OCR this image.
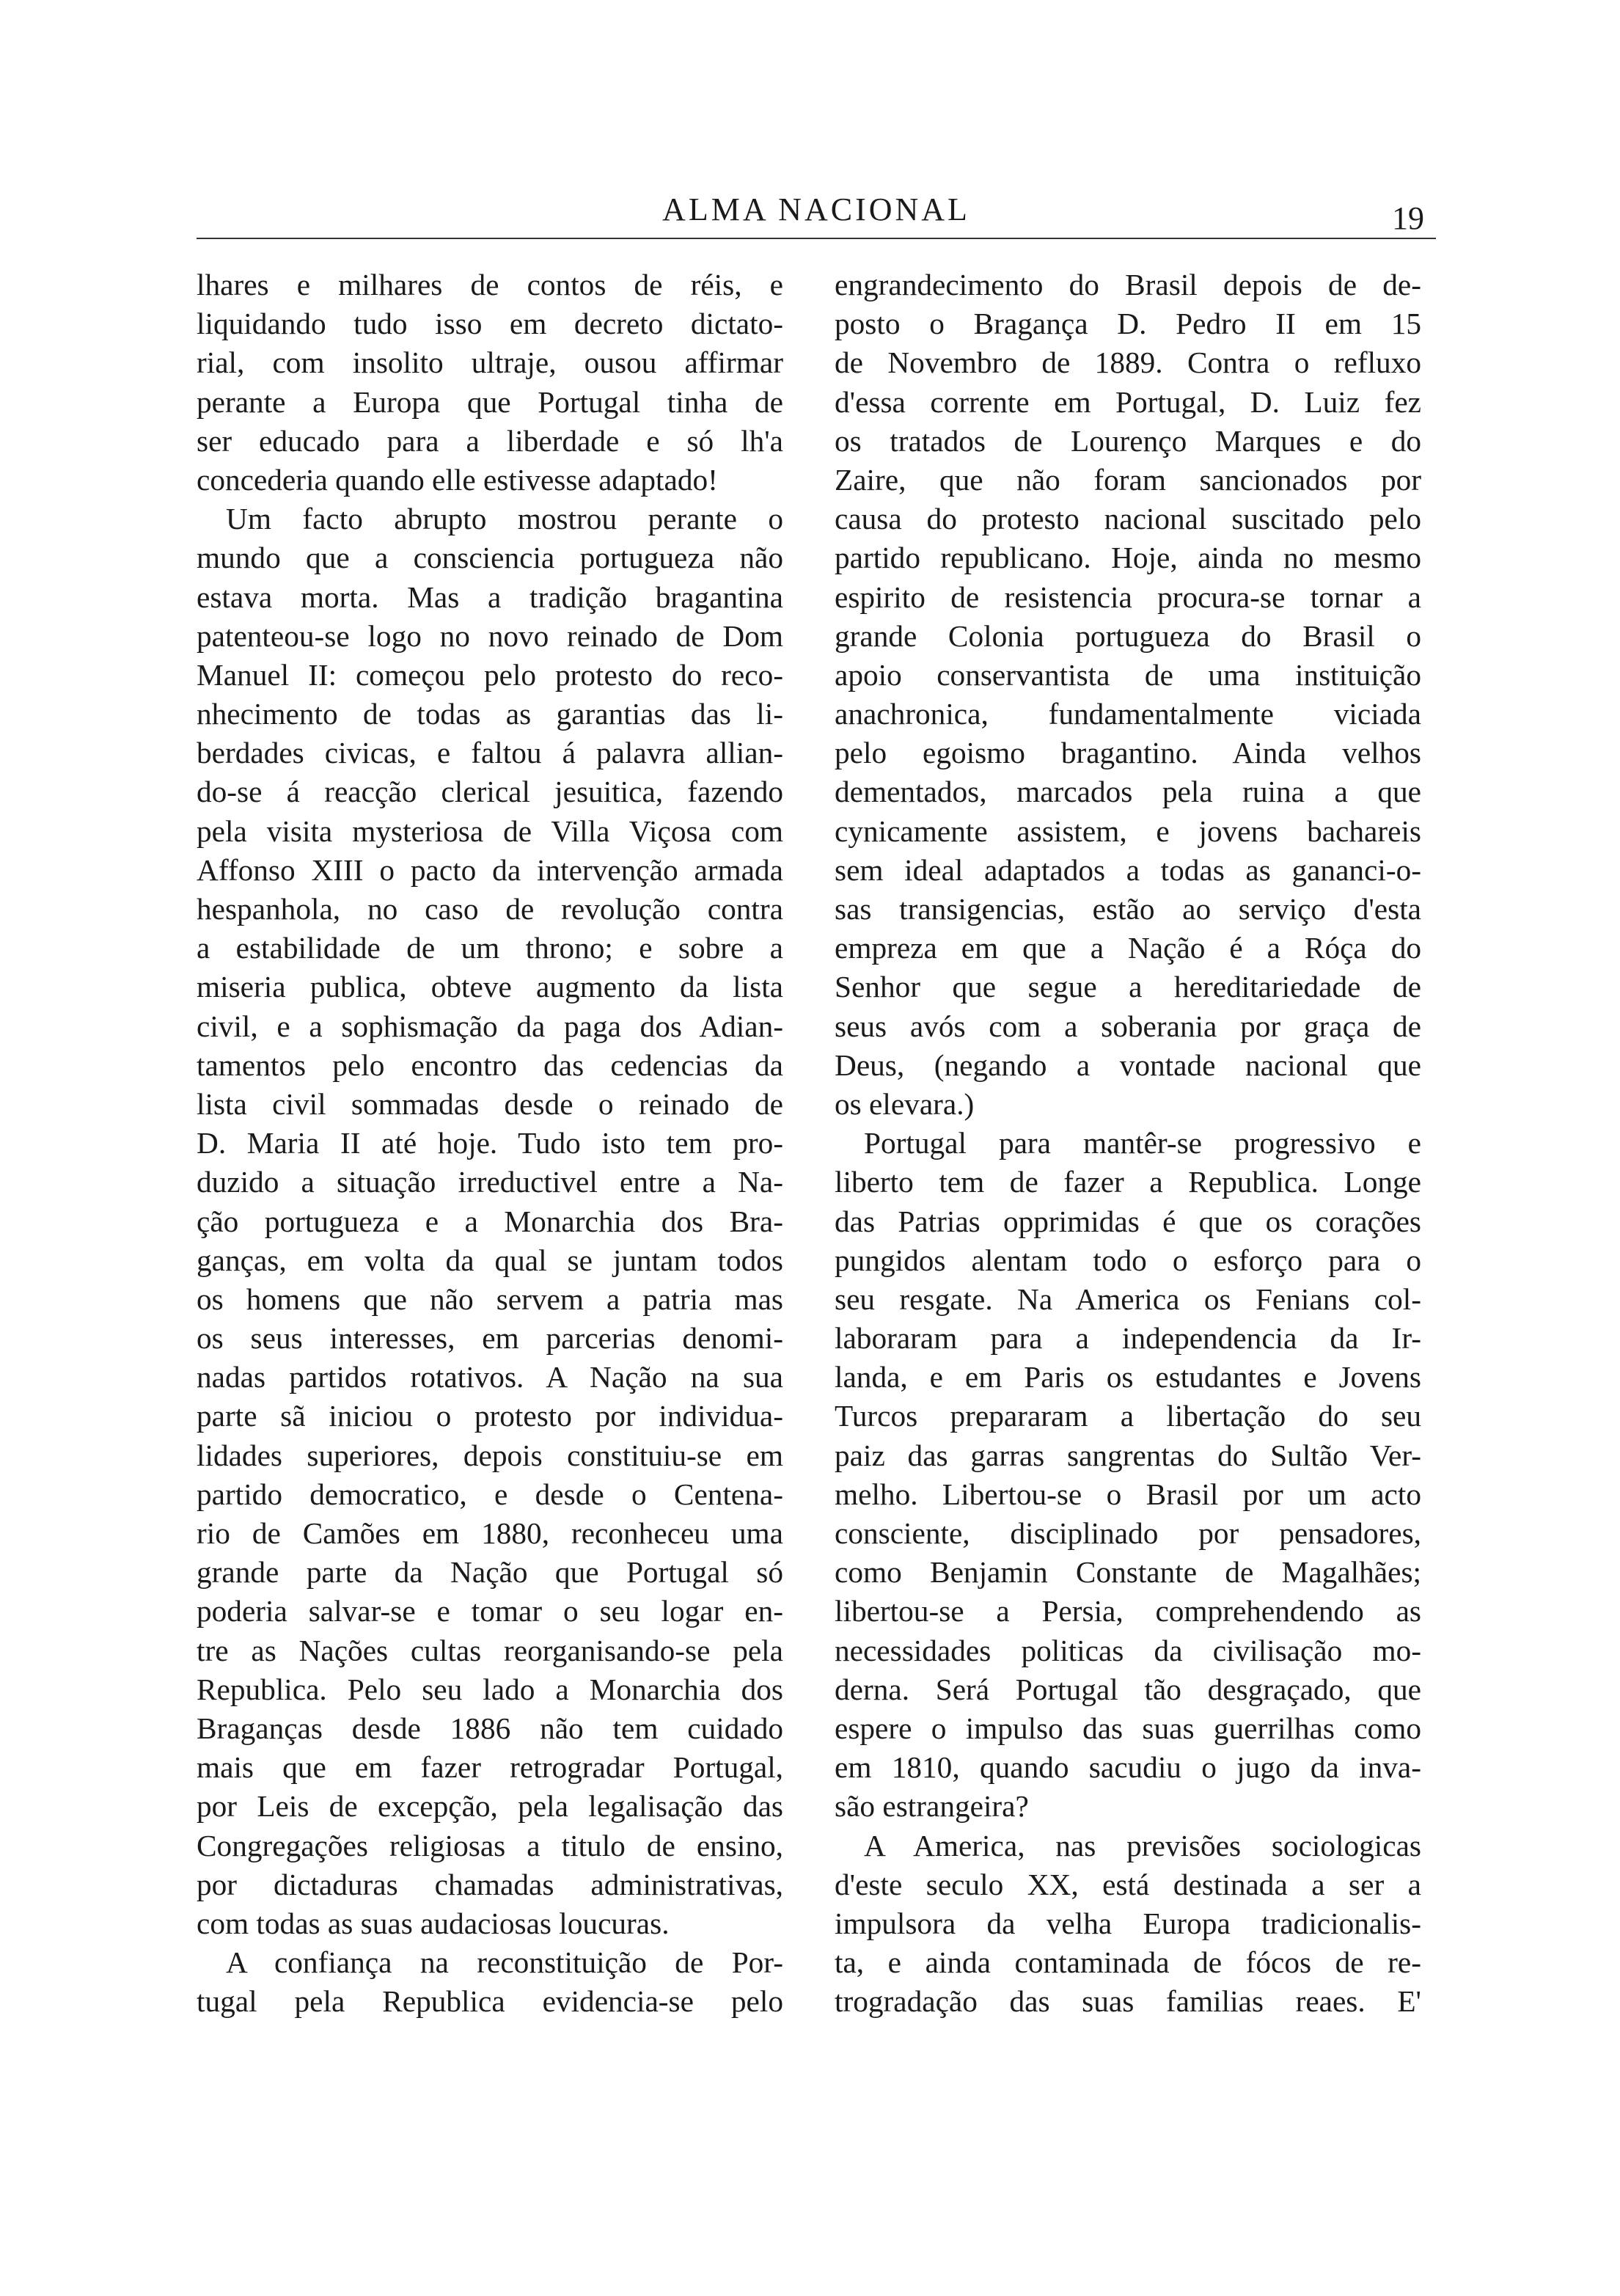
ALMA NACIONAL	19
lhares e milhares de contos de réis, e
liquidando tudo isso em decreto dictato-
rial, com insolito ultraje, ousou affirmar
perante a Europa que Portugal tinha de
ser educado para a liberdade e só lh'a
concederia quando elle estivesse adaptado!
Um facto abrupto mostrou perante o
mundo que a consciencia portugueza não
estava morta. Mas a tradição bragantina
patenteou-se logo no novo reinado de Dom
Manuel II: começou pelo protesto do reco-
nhecimento de todas as garantias das li-
berdades civicas, e faltou á palavra allian-
do-se á reacção clerical jesuitica, fazendo
pela visita mysteriosa de Villa Viçosa com
Affonso XIII o pacto da intervenção armada
hespanhola, no caso de revolução contra
a estabilidade de um throno; e sobre a
miseria publica, obteve augmento da lista
civil, e a sophismação da paga dos Adian-
tamentos pelo encontro das cedencias da
lista civil sommadas desde o reinado de
D. Maria II até hoje. Tudo isto tem pro-
duzido a situação irreductivel entre a Na-
ção portugueza e a Monarchia dos Bra-
ganças, em volta da qual se juntam todos
os homens que não servem a patria mas
os seus interesses, em parcerias denomi-
nadas partidos rotativos. A Nação na sua
parte sã iniciou o protesto por individua-
lidades superiores, depois constituiu-se em
partido democratico, e desde o Centena-
rio de Camões em 1880, reconheceu uma
grande parte da Nação que Portugal só
poderia salvar-se e tomar o seu logar en-
tre as Nações cultas reorganisando-se pela
Republica. Pelo seu lado a Monarchia dos
Braganças desde 1886 não tem cuidado
mais que em fazer retrogradar Portugal,
por Leis de excepção, pela legalisação das
Congregações religiosas a titulo de ensino,
por dictaduras chamadas administrativas,
com todas as suas audaciosas loucuras.
A confiança na reconstituição de Por-
tugal pela Republica evidencia-se pelo
engrandecimento do Brasil depois de de-
posto o Bragança D. Pedro II em 15
de Novembro de 1889. Contra o refluxo
d'essa corrente em Portugal, D. Luiz fez
os tratados de Lourenço Marques e do
Zaire, que não foram sancionados por
causa do protesto nacional suscitado pelo
partido republicano. Hoje, ainda no mesmo
espirito de resistencia procura-se tornar a
grande Colonia portugueza do Brasil o
apoio conservantista de uma instituição
anachronica, fundamentalmente viciada
pelo egoismo bragantino. Ainda velhos
dementados, marcados pela ruina a que
cynicamente assistem, e jovens bachareis
sem ideal adaptados a todas as gananci-o-
sas transigencias, estão ao serviço d'esta
empreza em que a Nação é a Róça do
Senhor que segue a hereditariedade de
seus avós com a soberania por graça de
Deus, (negando a vontade nacional que
os elevara.)
Portugal para mantêr-se progressivo e
liberto tem de fazer a Republica. Longe
das Patrias opprimidas é que os corações
pungidos alentam todo o esforço para o
seu resgate. Na America os Fenians col-
laboraram para a independencia da Ir-
landa, e em Paris os estudantes e Jovens
Turcos prepararam a libertação do seu
paiz das garras sangrentas do Sultão Ver-
melho. Libertou-se o Brasil por um acto
consciente, disciplinado por pensadores,
como Benjamin Constante de Magalhães;
libertou-se a Persia, comprehendendo as
necessidades politicas da civilisação mo-
derna. Será Portugal tão desgraçado, que
espere o impulso das suas guerrilhas como
em 1810, quando sacudiu o jugo da inva-
são estrangeira?
A America, nas previsões sociologicas
d'este seculo XX, está destinada a ser a
impulsora da velha Europa tradicionalis-
ta, e ainda contaminada de fócos de re-
trogradação das suas familias reaes. E'
